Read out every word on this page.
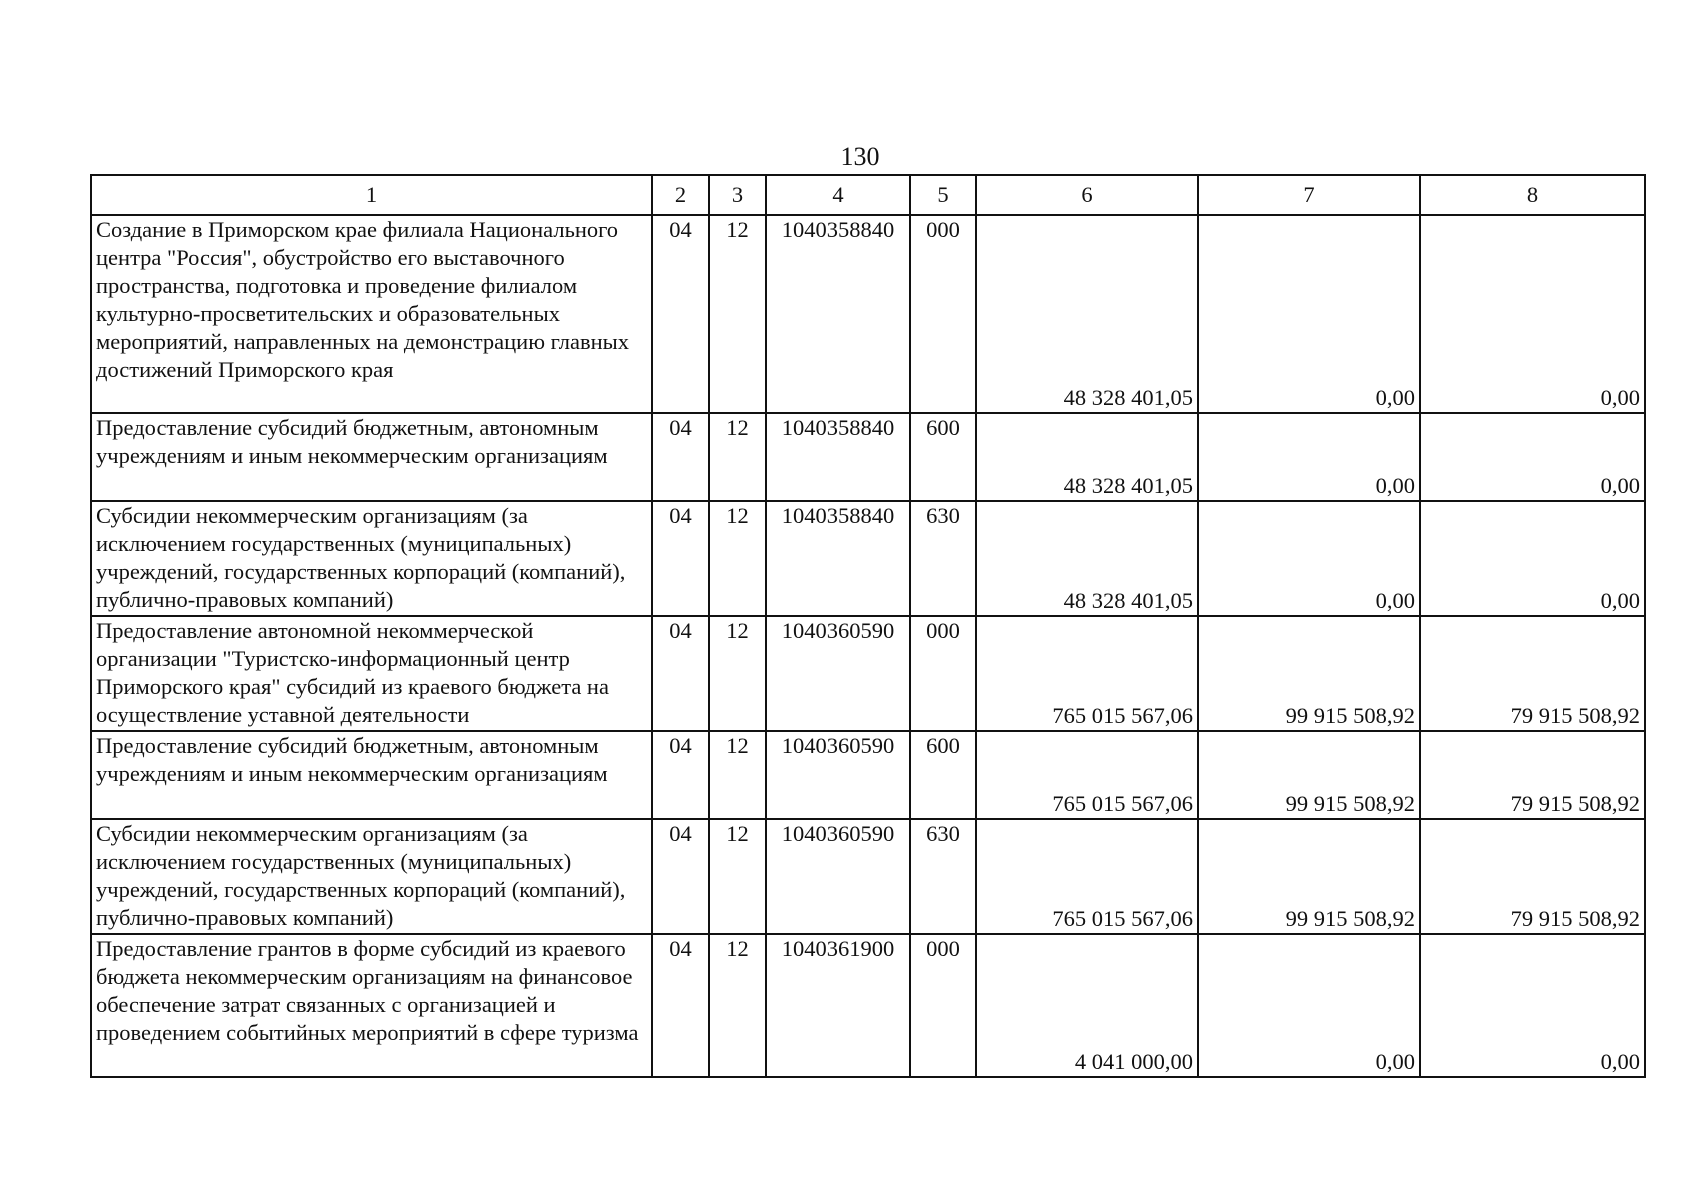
130
1	2	3	4	5	6	7	8
Создание в Приморском крае филиала Национального центра "Россия", обустройство его выставочного пространства, подготовка и проведение филиалом культурно-просветительских и образовательных мероприятий, направленных на демонстрацию главных достижений Приморского края	04	12	1040358840	000	48 328 401,05	0,00	0,00
Предоставление субсидий бюджетным, автономным учреждениям и иным некоммерческим организациям	04	12	1040358840	600	48 328 401,05	0,00	0,00
Субсидии некоммерческим организациям (за исключением государственных (муниципальных) учреждений, государственных корпораций (компаний), публично-правовых компаний)	04	12	1040358840	630	48 328 401,05	0,00	0,00
Предоставление автономной некоммерческой организации "Туристско-информационный центр Приморского края" субсидий из краевого бюджета на осуществление уставной деятельности	04	12	1040360590	000	765 015 567,06	99 915 508,92	79 915 508,92
Предоставление субсидий бюджетным, автономным учреждениям и иным некоммерческим организациям	04	12	1040360590	600	765 015 567,06	99 915 508,92	79 915 508,92
Субсидии некоммерческим организациям (за исключением государственных (муниципальных) учреждений, государственных корпораций (компаний), публично-правовых компаний)	04	12	1040360590	630	765 015 567,06	99 915 508,92	79 915 508,92
Предоставление грантов в форме субсидий из краевого бюджета некоммерческим организациям на финансовое обеспечение затрат связанных с организацией и проведением событийных мероприятий в сфере туризма	04	12	1040361900	000	4 041 000,00	0,00	0,00
